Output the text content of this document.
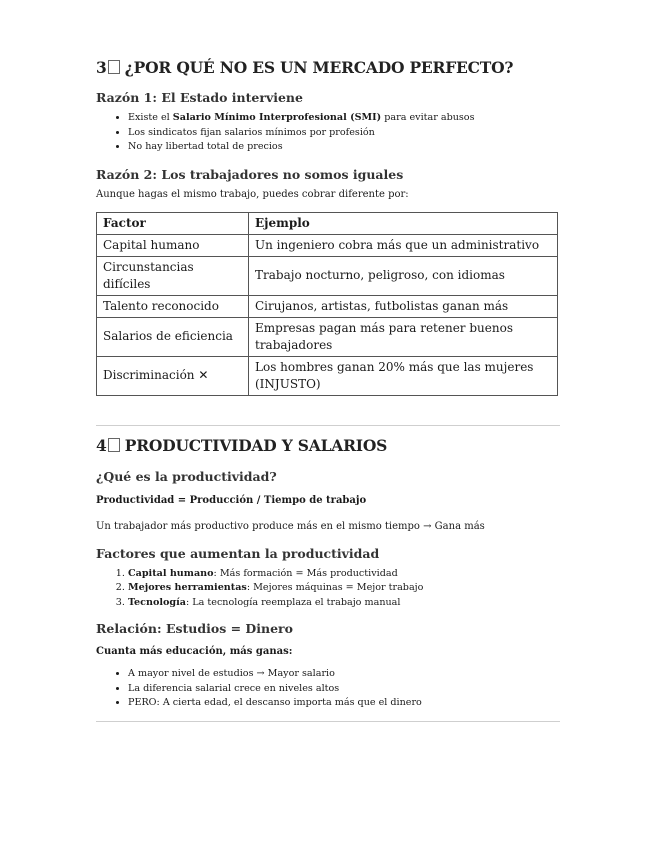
3 ¿POR QUÉ NO ES UN MERCADO PERFECTO?
Razón 1: El Estado interviene
• Existe el Salario Mínimo Interprofesional (SMI) para evitar abusos
• Los sindicatos fijan salarios mínimos por profesión
• No hay libertad total de precios
Razón 2: Los trabajadores no somos iguales

Aunque hagas el mismo trabajo, puedes cobrar diferente por:

Factor	Ejemplo
Capital humano	Un ingeniero cobra más que un administrativo
Circunstancias difíciles	Trabajo nocturno, peligroso, con idiomas
Talento reconocido	Cirujanos, artistas, futbolistas ganan más
Salarios de eficiencia	Empresas pagan más para retener buenos trabajadores
Discriminación ✕	Los hombres ganan 20% más que las mujeres (INJUSTO)
4 PRODUCTIVIDAD Y SALARIOS
¿Qué es la productividad?

Productividad = Producción / Tiempo de trabajo

Un trabajador más productivo produce más en el mismo tiempo → Gana más

Factores que aumentan la productividad
1. Capital humano: Más formación = Más productividad
2. Mejores herramientas: Mejores máquinas = Mejor trabajo
3. Tecnología: La tecnología reemplaza el trabajo manual
Relación: Estudios = Dinero

Cuanta más educación, más ganas:

• A mayor nivel de estudios → Mayor salario
• La diferencia salarial crece en niveles altos
• PERO: A cierta edad, el descanso importa más que el dinero
